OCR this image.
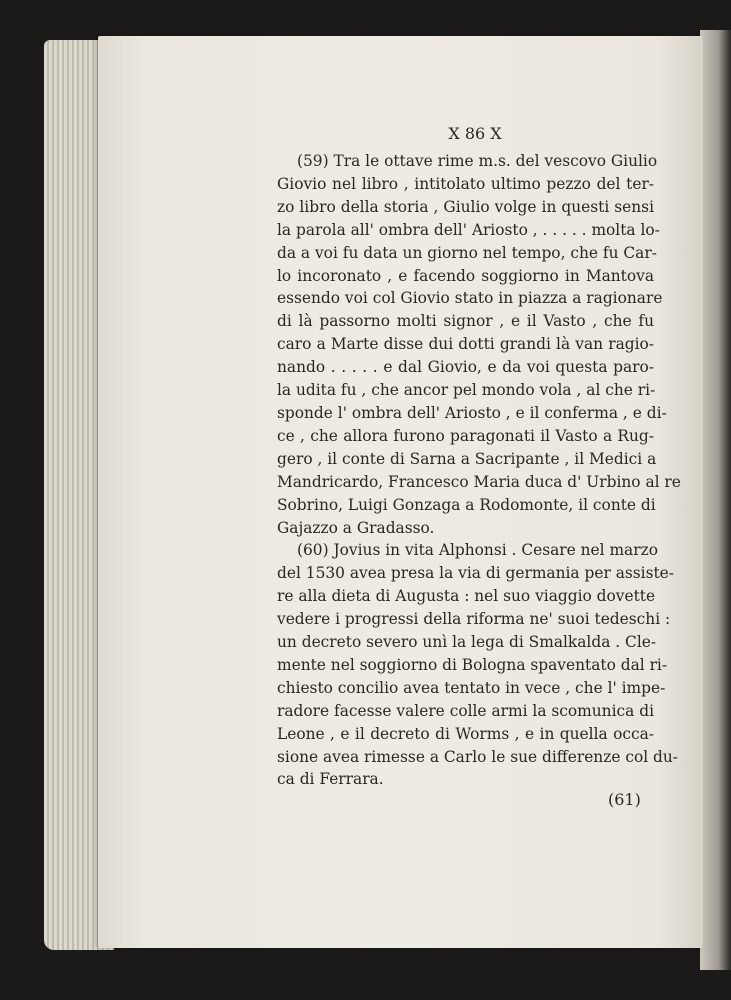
X 86 X
(59) Tra le ottave rime m.s. del vescovo Giulio
Giovio nel libro , intitolato ultimo pezzo del ter-
zo libro della storia , Giulio volge in questi sensi
la parola all' ombra dell' Ariosto , . . . . . molta lo-
da a voi fu data un giorno nel tempo, che fu Car-
lo incoronato , e facendo soggiorno in Mantova
essendo voi col Giovio stato in piazza a ragionare
di là passorno molti signor , e il Vasto , che fu
caro a Marte disse dui dotti grandi là van ragio-
nando . . . . . e dal Giovio, e da voi questa paro-
la udita fu , che ancor pel mondo vola , al che ri-
sponde l' ombra dell' Ariosto , e il conferma , e di-
ce , che allora furono paragonati il Vasto a Rug-
gero , il conte di Sarna a Sacripante , il Medici a
Mandricardo, Francesco Maria duca d' Urbino al re
Sobrino, Luigi Gonzaga a Rodomonte, il conte di
Gajazzo a Gradasso.
(60) Jovius in vita Alphonsi . Cesare nel marzo
del 1530 avea presa la via di germania per assiste-
re alla dieta di Augusta : nel suo viaggio dovette
vedere i progressi della riforma ne' suoi tedeschi :
un decreto severo unì la lega di Smalkalda . Cle-
mente nel soggiorno di Bologna spaventato dal ri-
chiesto concilio avea tentato in vece , che l' impe-
radore facesse valere colle armi la scomunica di
Leone , e il decreto di Worms , e in quella occa-
sione avea rimesse a Carlo le sue differenze col du-
ca di Ferrara.
(61)
